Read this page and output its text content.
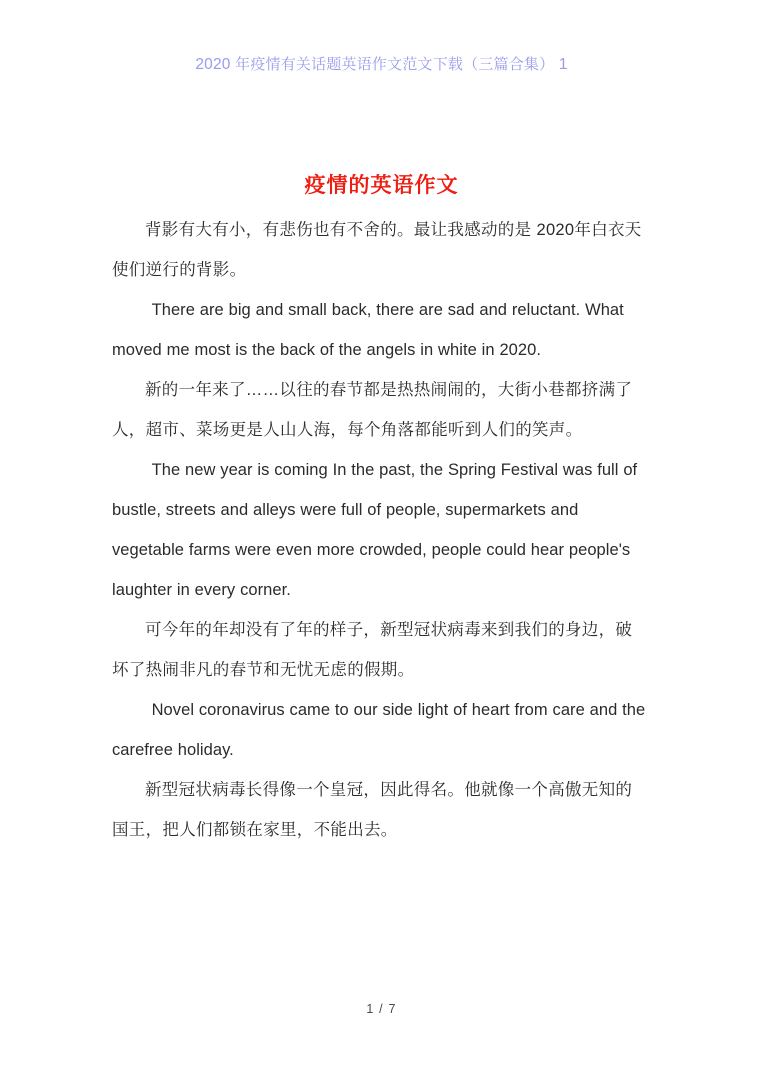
2020 年疫情有关话题英语作文范文下载（三篇合集） 1
疫情的英语作文

背影有大有小，有悲伤也有不舍的。最让我感动的是 2020年白衣天使们逆行的背影。

There are big and small back, there are sad and reluctant. What moved me most is the back of the angels in white in 2020.

新的一年来了……以往的春节都是热热闹闹的，大街小巷都挤满了人，超市、菜场更是人山人海，每个角落都能听到人们的笑声。

The new year is coming In the past, the Spring Festival was full of bustle, streets and alleys were full of people, supermarkets and vegetable farms were even more crowded, people could hear people's laughter in every corner.

可今年的年却没有了年的样子，新型冠状病毒来到我们的身边，破坏了热闹非凡的春节和无忧无虑的假期。

Novel coronavirus came to our side light of heart from care and the carefree holiday.

新型冠状病毒长得像一个皇冠，因此得名。他就像一个高傲无知的国王，把人们都锁在家里，不能出去。

1 / 7
